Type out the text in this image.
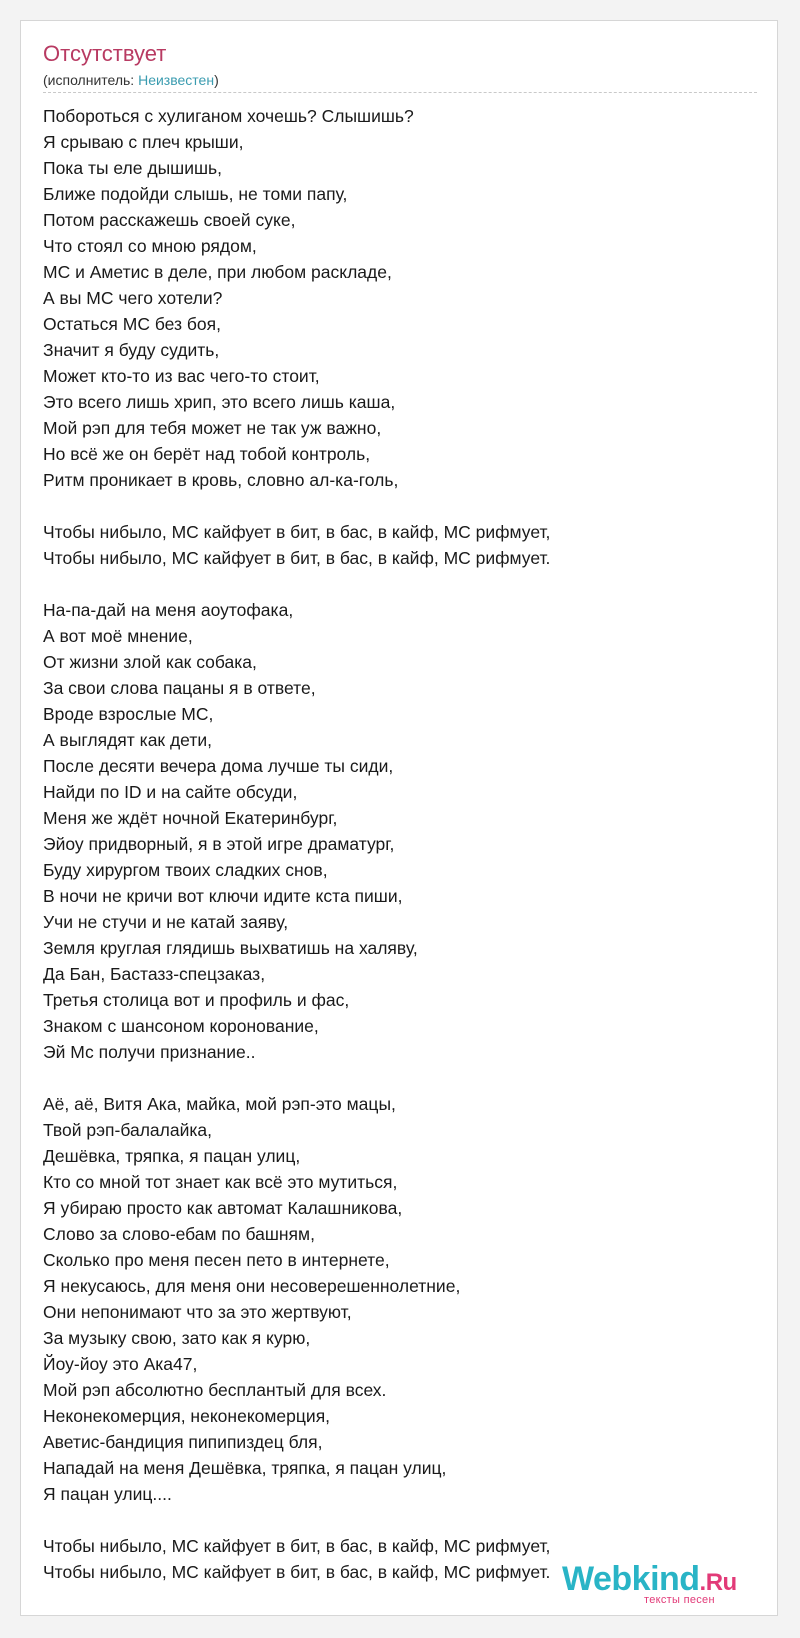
Отсутствует
(исполнитель: Неизвестен)
Побороться с хулиганом хочешь? Слышишь?
Я срываю с плеч крыши,
Пока ты еле дышишь,
Ближе подойди слышь, не томи папу,
Потом расскажешь своей суке,
Что стоял со мною рядом,
МС и Аметис в деле, при любом раскладе,
А вы МС чего хотели?
Остаться МС без боя,
Значит я буду судить,
Может кто-то из вас чего-то стоит,
Это всего лишь хрип, это всего лишь каша,
Мой рэп для тебя может не так уж важно,
Но всё же он берёт над тобой контроль,
Ритм проникает в кровь, словно ал-ка-голь,
Чтобы нибыло, МС кайфует в бит, в бас, в кайф, МС рифмует,
Чтобы нибыло, МС кайфует в бит, в бас, в кайф, МС рифмует.
На-па-дай на меня аоутофака,
А вот моё мнение,
От жизни злой как собака,
За свои слова пацаны я в ответе,
Вроде взрослые МС,
А выглядят как дети,
После десяти вечера дома лучше ты сиди,
Найди по ID и на сайте обсуди,
Меня же ждёт ночной Екатеринбург,
Эйоу придворный, я в этой игре драматург,
Буду хирургом твоих сладких снов,
В ночи не кричи вот ключи идите кста пиши,
Учи не стучи и не катай заяву,
Земля круглая глядишь выхватишь на халяву,
Да Бан, Бастазз-спецзаказ,
Третья столица вот и профиль и фас,
Знаком с шансоном коронование,
Эй Мс получи признание..
Аё, аё, Витя Ака, майка, мой рэп-это мацы,
Твой рэп-балалайка,
Дешёвка, тряпка, я пацан улиц,
Кто со мной тот знает как всё это мутиться,
Я убираю просто как автомат Калашникова,
Слово за слово-ебам по башням,
Сколько про меня песен пето в интернете,
Я некусаюсь, для меня они несоверешеннолетние,
Они непонимают что за это жертвуют,
За музыку свою, зато как я курю,
Йоу-йоу это Ака47,
Мой рэп абсолютно бесплантый для всех.
Неконекомерция, неконекомерция,
Аветис-бандиция пипипиздец бля,
Нападай на меня Дешёвка, тряпка, я пацан улиц,
Я пацан улиц....
Чтобы нибыло, МС кайфует в бит, в бас, в кайф, МС рифмует,
Чтобы нибыло, МС кайфует в бит, в бас, в кайф, МС рифмует. Webkind.Ru
тексты песен
